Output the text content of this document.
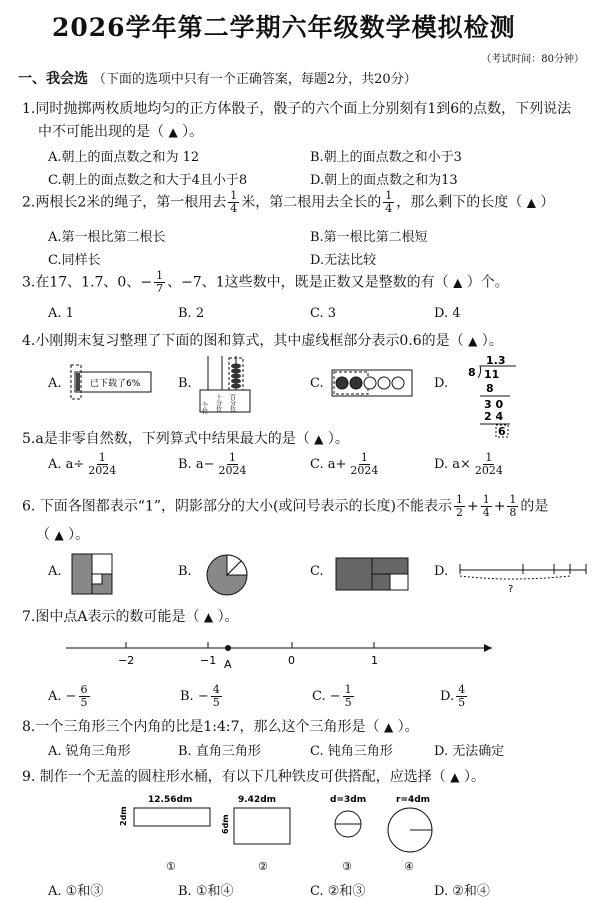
2026学年第二学期六年级数学模拟检测
（考试时间：80分钟）
一、我会选 （下面的选项中只有一个正确答案，每题2分，共20分）
1.同时抛掷两枚质地均匀的正方体骰子，骰子的六个面上分别刻有1到6的点数，下列说法
中不可能出现的是（ ▲ ）。
A.朝上的面点数之和为 12	B.朝上的面点数之和小于3
C.朝上的面点数之和大于4且小于8	D.朝上的面点数之和为13
2.两根长2米的绳子，第一根用去 $\frac{1}{4}$ 米，第二根用去全长的 $\frac{1}{4}$ ，那么剩下的长度（ ▲ ）
A.第一根比第二根长	B.第一根比第二根短
C.同样长	D.无法比较
3.在17、1.7、0、− $\frac{1}{7}$ 、−7、1这些数中，既是正数又是整数的有（ ▲ ）个。
A. 1	B. 2	C. 3	D. 4
4.小刚期末复习整理了下面的图和算式，其中虚线框部分表示0.6的是（ ▲ ）。
A.	已下载了6%	B.
个位 十分位 百分位
C.	D.
1.3
8 11
8
3 0
2 4
6
5.a是非零自然数，下列算式中结果最大的是（ ▲ ）。
A. $a\div \frac{1}{2024}$	B. $a- \frac{1}{2024}$	C. $a+ \frac{1}{2024}$	D. $a\times \frac{1}{2024}$
6. 下面各图都表示“1”，阴影部分的大小(或问号表示的长度)不能表示 $\frac{1}{2} + \frac{1}{4} + \frac{1}{8}$ 的是
（ ▲ ）。
A.	B.	C.	D.
?
7.图中点A表示的数可能是（ ▲ ）。
−2	−1	0	1
A
A. − $\frac{6}{5}$	B. − $\frac{4}{5}$	C. − $\frac{1}{5}$	D. $\frac{4}{5}$
8.一个三角形三个内角的比是1:4:7，那么这个三角形是（ ▲ ）。
A. 锐角三角形	B. 直角三角形	C. 钝角三角形	D. 无法确定
9. 制作一个无盖的圆柱形水桶，有以下几种铁皮可供搭配，应选择（ ▲ ）。
12.56dm
2dm
①
9.42dm
6dm
②
d=3dm
③
r=4dm
④
A. ①和③	B. ①和④	C. ②和③	D. ②和④
